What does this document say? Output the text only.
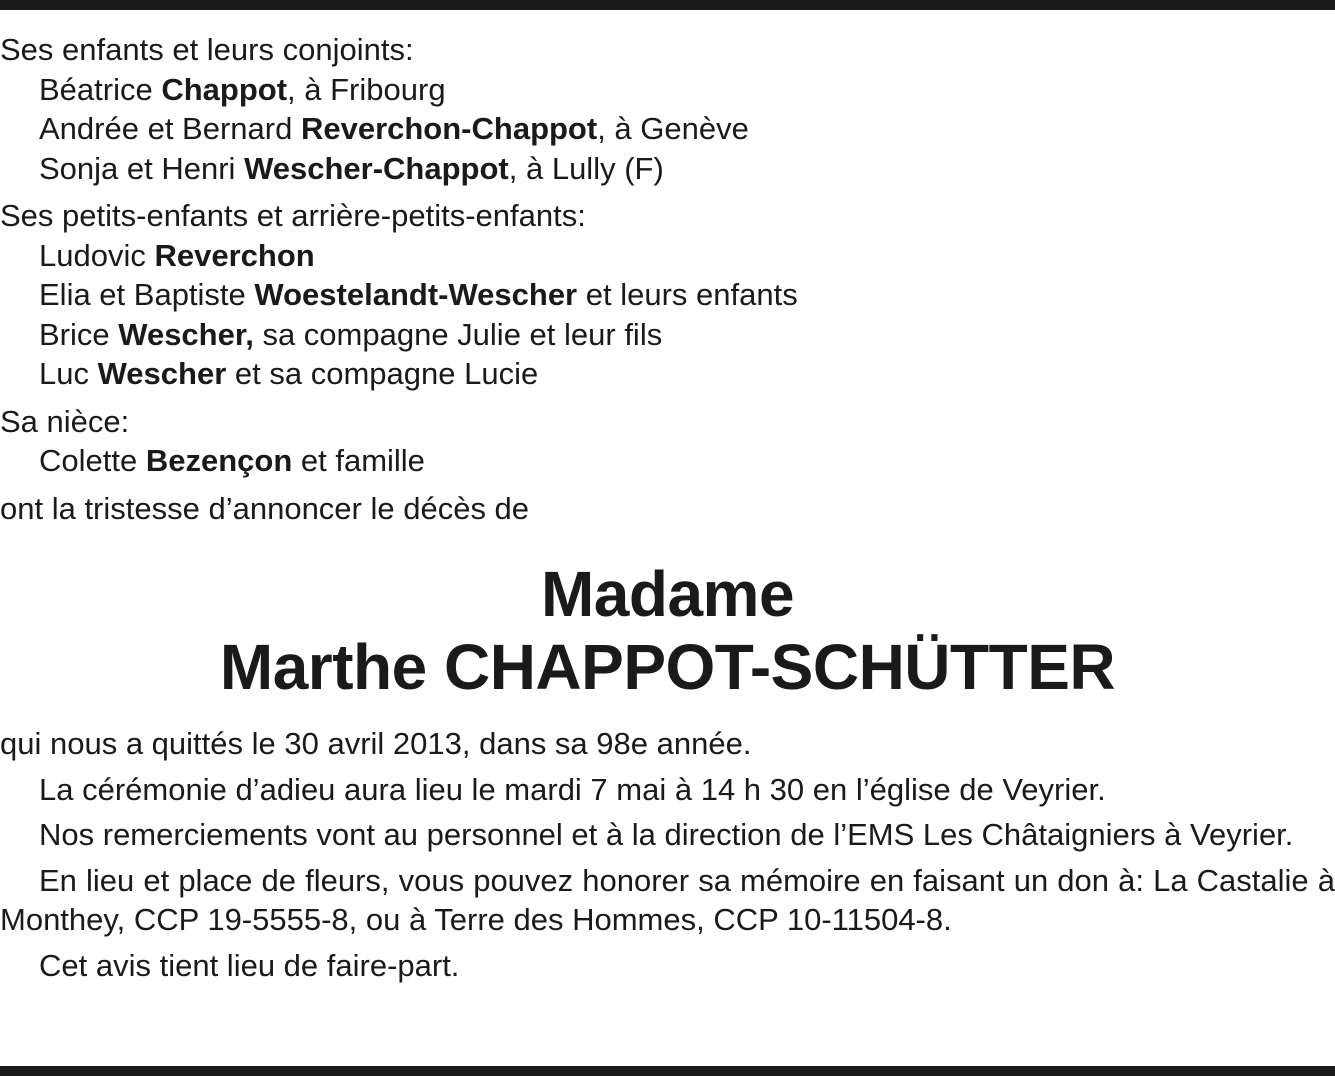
Ses enfants et leurs conjoints:

Béatrice Chappot, à Fribourg

Andrée et Bernard Reverchon-Chappot, à Genève

Sonja et Henri Wescher-Chappot, à Lully (F)

Ses petits-enfants et arrière-petits-enfants:

Ludovic Reverchon

Elia et Baptiste Woestelandt-Wescher et leurs enfants

Brice Wescher, sa compagne Julie et leur fils

Luc Wescher et sa compagne Lucie

Sa nièce:

Colette Bezençon et famille

ont la tristesse d’annoncer le décès de

Madame
Marthe CHAPPOT-SCHÜTTER

qui nous a quittés le 30 avril 2013, dans sa 98e année.

La cérémonie d’adieu aura lieu le mardi 7 mai à 14 h 30 en l’église de Veyrier.

Nos remerciements vont au personnel et à la direction de l’EMS Les Châtaigniers à Veyrier.

En lieu et place de fleurs, vous pouvez honorer sa mémoire en faisant un don à: La Castalie à Monthey, CCP 19-5555-8, ou à Terre des Hommes, CCP 10-11504-8.

Cet avis tient lieu de faire-part.
